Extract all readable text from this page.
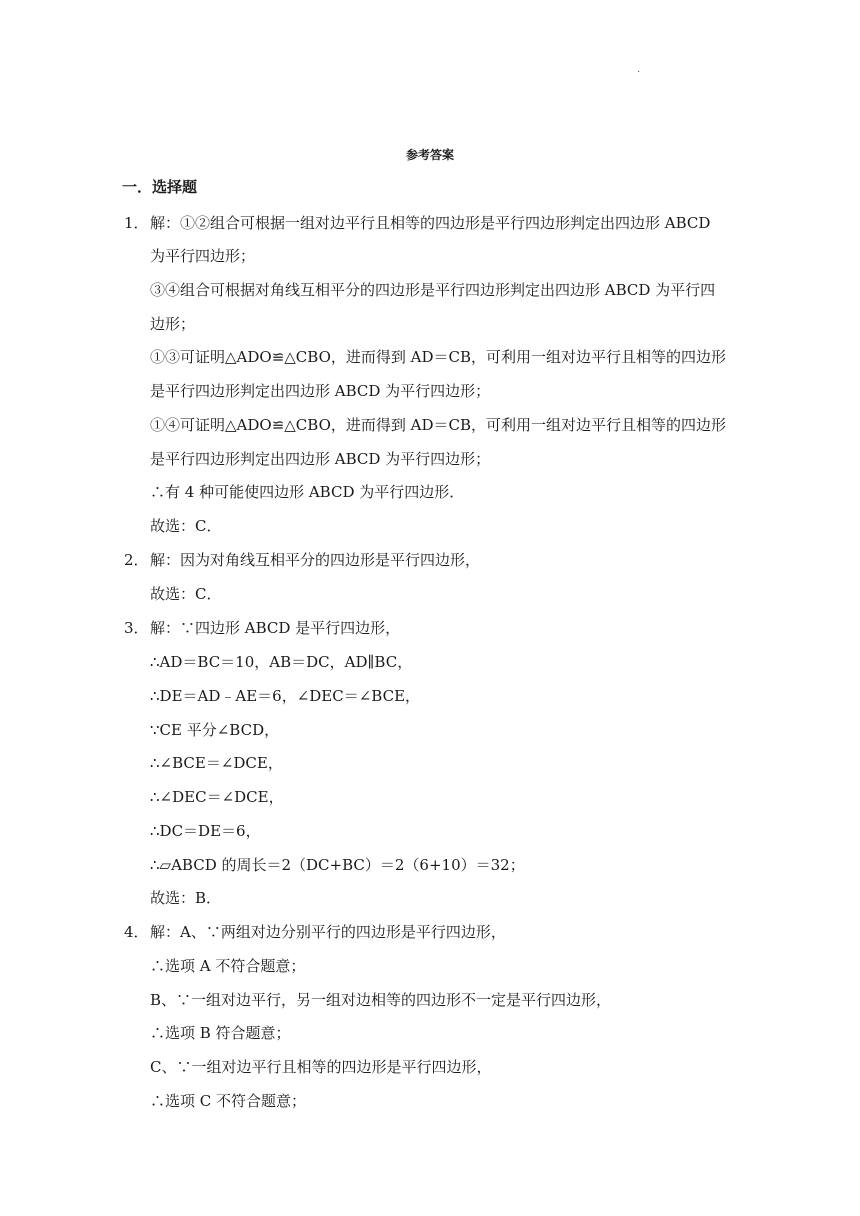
.
参考答案
一．选择题
1．
2．
3．
4．
解：①②组合可根据一组对边平行且相等的四边形是平行四边形判定出四边形 ABCD
为平行四边形；
③④组合可根据对角线互相平分的四边形是平行四边形判定出四边形 ABCD 为平行四
边形；
①③可证明△ADO≌△CBO，进而得到 AD＝CB，可利用一组对边平行且相等的四边形
是平行四边形判定出四边形 ABCD 为平行四边形；
①④可证明△ADO≌△CBO，进而得到 AD＝CB，可利用一组对边平行且相等的四边形
是平行四边形判定出四边形 ABCD 为平行四边形；
∴有 4 种可能使四边形 ABCD 为平行四边形．
故选：C．
解：因为对角线互相平分的四边形是平行四边形，
故选：C．
解：∵四边形 ABCD 是平行四边形，
∴AD＝BC＝10，AB＝DC，AD∥BC，
∴DE＝AD﹣AE＝6，∠DEC＝∠BCE，
∵CE 平分∠BCD，
∴∠BCE＝∠DCE，
∴∠DEC＝∠DCE，
∴DC＝DE＝6，
∴▱ABCD 的周长＝2（DC+BC）＝2（6+10）＝32；
故选：B．
解：A、∵两组对边分别平行的四边形是平行四边形，
∴选项 A 不符合题意；
B、∵一组对边平行，另一组对边相等的四边形不一定是平行四边形，
∴选项 B 符合题意；
C、∵一组对边平行且相等的四边形是平行四边形，
∴选项 C 不符合题意；
